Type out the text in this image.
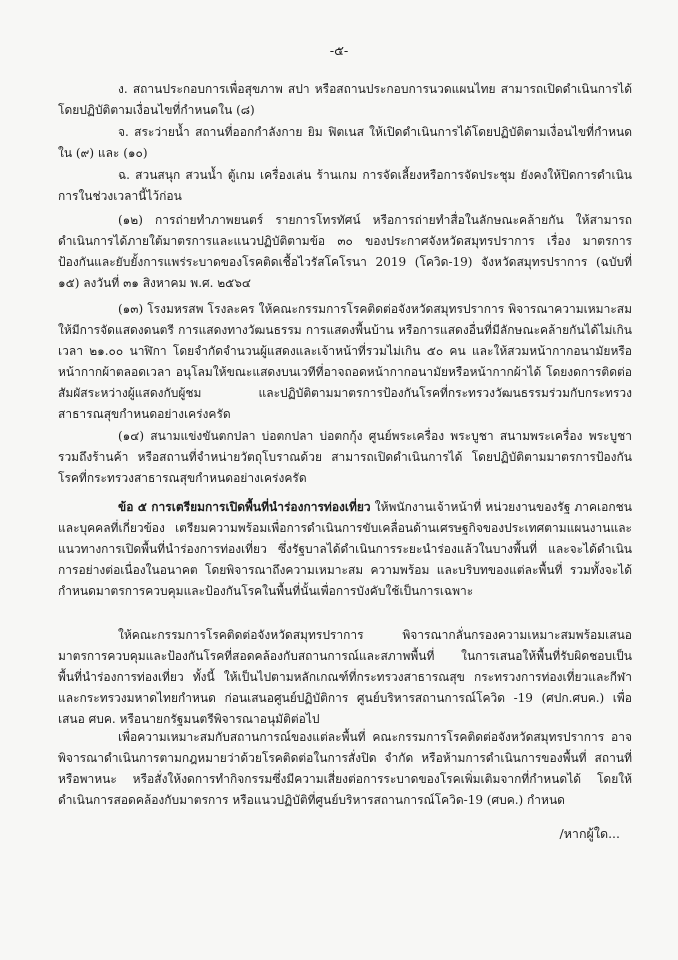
-๕-

ง. สถานประกอบการเพื่อสุขภาพ สปา หรือสถานประกอบการนวดแผนไทย สามารถเปิดดำเนินการได้โดยปฏิบัติตามเงื่อนไขที่กำหนดใน (๘)

จ. สระว่ายน้ำ สถานที่ออกกำลังกาย ยิม ฟิตเนส ให้เปิดดำเนินการได้โดยปฏิบัติตามเงื่อนไขที่กำหนดใน (๙) และ (๑๐)

ฉ. สวนสนุก สวนน้ำ ตู้เกม เครื่องเล่น ร้านเกม การจัดเลี้ยงหรือการจัดประชุม ยังคงให้ปิดการดำเนินการในช่วงเวลานี้ไว้ก่อน

(๑๒) การถ่ายทำภาพยนตร์ รายการโทรทัศน์ หรือการถ่ายทำสื่อในลักษณะคล้ายกัน ให้สามารถดำเนินการได้ภายใต้มาตรการและแนวปฏิบัติตามข้อ ๓๐ ของประกาศจังหวัดสมุทรปราการ เรื่อง มาตรการป้องกันและยับยั้งการแพร่ระบาดของโรคติดเชื้อไวรัสโคโรนา 2019 (โควิด-19) จังหวัดสมุทรปราการ (ฉบับที่ ๑๕) ลงวันที่ ๓๑ สิงหาคม พ.ศ. ๒๕๖๔

(๑๓) โรงมหรสพ โรงละคร ให้คณะกรรมการโรคติดต่อจังหวัดสมุทรปราการ พิจารณาความเหมาะสมให้มีการจัดแสดงดนตรี การแสดงทางวัฒนธรรม การแสดงพื้นบ้าน หรือการแสดงอื่นที่มีลักษณะคล้ายกันได้ไม่เกินเวลา ๒๑.๐๐ นาฬิกา โดยจำกัดจำนวนผู้แสดงและเจ้าหน้าที่รวมไม่เกิน ๕๐ คน และให้สวมหน้ากากอนามัยหรือหน้ากากผ้าตลอดเวลา อนุโลมให้ขณะแสดงบนเวทีที่อาจถอดหน้ากากอนามัยหรือหน้ากากผ้าได้ โดยงดการติดต่อสัมผัสระหว่างผู้แสดงกับผู้ชม และปฏิบัติตามมาตรการป้องกันโรคที่กระทรวงวัฒนธรรมร่วมกับกระทรวงสาธารณสุขกำหนดอย่างเคร่งครัด

(๑๔) สนามแข่งขันตกปลา บ่อตกปลา บ่อตกกุ้ง ศูนย์พระเครื่อง พระบูชา สนามพระเครื่อง พระบูชา รวมถึงร้านค้า หรือสถานที่จำหน่ายวัตถุโบราณด้วย สามารถเปิดดำเนินการได้ โดยปฏิบัติตามมาตรการป้องกันโรคที่กระทรวงสาธารณสุขกำหนดอย่างเคร่งครัด

ข้อ ๕ การเตรียมการเปิดพื้นที่นำร่องการท่องเที่ยว ให้พนักงานเจ้าหน้าที่ หน่วยงานของรัฐ ภาคเอกชนและบุคคลที่เกี่ยวข้อง เตรียมความพร้อมเพื่อการดำเนินการขับเคลื่อนด้านเศรษฐกิจของประเทศตามแผนงานและแนวทางการเปิดพื้นที่นำร่องการท่องเที่ยว ซึ่งรัฐบาลได้ดำเนินการระยะนำร่องแล้วในบางพื้นที่ และจะได้ดำเนินการอย่างต่อเนื่องในอนาคต โดยพิจารณาถึงความเหมาะสม ความพร้อม และบริบทของแต่ละพื้นที่ รวมทั้งจะได้กำหนดมาตรการควบคุมและป้องกันโรคในพื้นที่นั้นเพื่อการบังคับใช้เป็นการเฉพาะ

ให้คณะกรรมการโรคติดต่อจังหวัดสมุทรปราการ พิจารณากลั่นกรองความเหมาะสมพร้อมเสนอมาตรการควบคุมและป้องกันโรคที่สอดคล้องกับสถานการณ์และสภาพพื้นที่ ในการเสนอให้พื้นที่รับผิดชอบเป็นพื้นที่นำร่องการท่องเที่ยว ทั้งนี้ ให้เป็นไปตามหลักเกณฑ์ที่กระทรวงสาธารณสุข กระทรวงการท่องเที่ยวและกีฬา และกระทรวงมหาดไทยกำหนด ก่อนเสนอศูนย์ปฏิบัติการ ศูนย์บริหารสถานการณ์โควิด -19 (ศปก.ศบค.) เพื่อเสนอ ศบค. หรือนายกรัฐมนตรีพิจารณาอนุมัติต่อไป

เพื่อความเหมาะสมกับสถานการณ์ของแต่ละพื้นที่ คณะกรรมการโรคติดต่อจังหวัดสมุทรปราการ อาจพิจารณาดำเนินการตามกฎหมายว่าด้วยโรคติดต่อในการสั่งปิด จำกัด หรือห้ามการดำเนินการของพื้นที่ สถานที่ หรือพาหนะ หรือสั่งให้งดการทำกิจกรรมซึ่งมีความเสี่ยงต่อการระบาดของโรคเพิ่มเติมจากที่กำหนดได้ โดยให้ดำเนินการสอดคล้องกับมาตรการ หรือแนวปฏิบัติที่ศูนย์บริหารสถานการณ์โควิด-19 (ศบค.) กำหนด

/หากผู้ใด...
